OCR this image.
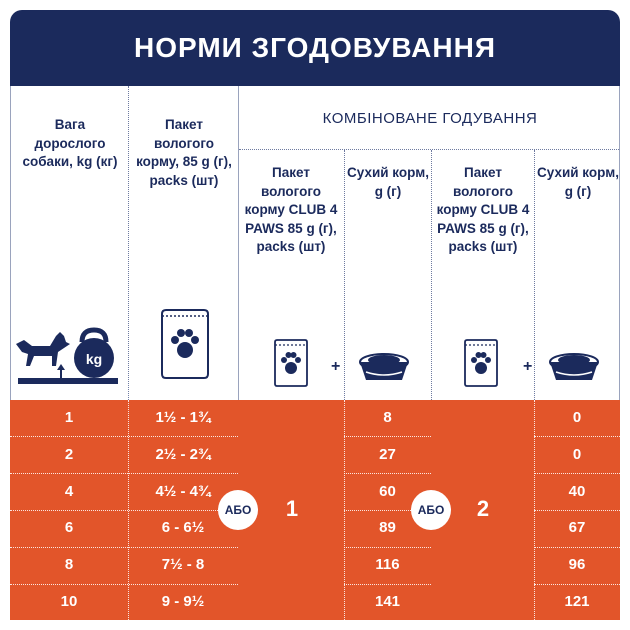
НОРМИ ЗГОДОВУВАННЯ
Вага дорослого собаки, kg (кг)
Пакет вологого корму, 85 g (г), packs (шт)
КОМБІНОВАНЕ ГОДУВАННЯ
Пакет вологого корму CLUB 4 PAWS 85 g (г), packs (шт)
Сухий корм, g (г)
Пакет вологого корму CLUB 4 PAWS 85 g (г), packs (шт)
Сухий корм, g (г)
kg	+	+
1	1½ - 1¾	8	0
2	2½ - 2¾	27	0
4	4½ - 4¾	60	40
6	6 - 6½	89	67
8	7½ - 8	116	96
10	9 - 9½	141	121
1	2
АБО	АБО
